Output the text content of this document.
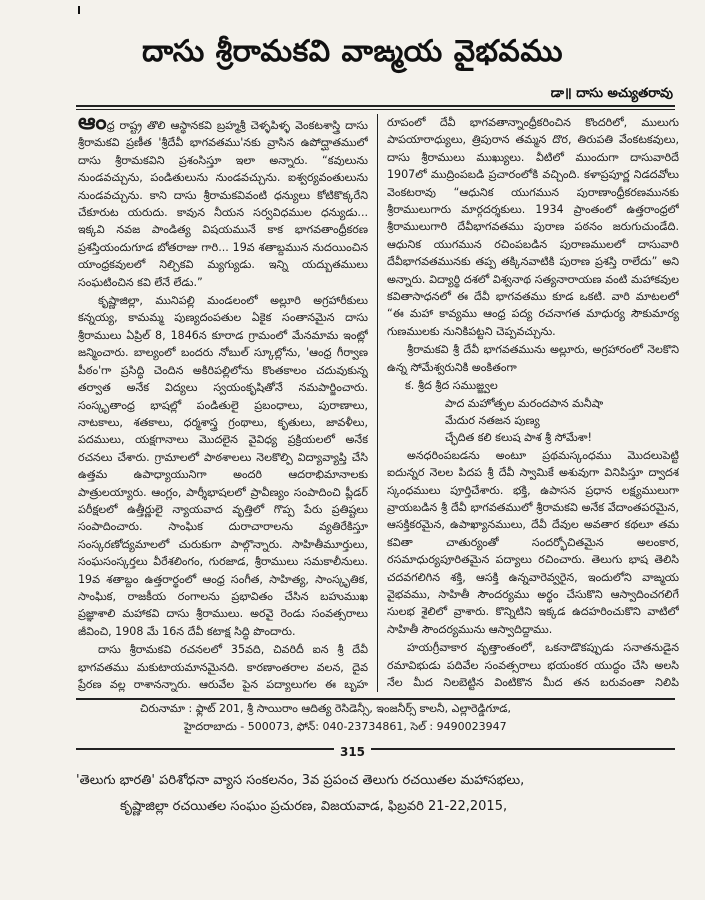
దాసు శ్రీరామకవి వాఙ్మయ వైభవము
డా॥ దాసు అచ్యుతరావు

ఆంధ్ర రాష్ట్ర తొలి ఆస్థానకవి బ్రహ్మశ్రీ చెళ్ళపిళ్ళ వెంకటశాస్త్రి దాసు శ్రీరామకవి ప్రణీత 'శ్రీదేవీ భాగవతము'నకు వ్రాసిన ఉపోద్ఘాతములో దాసు శ్రీరామకవిని ప్రశంసిస్తూ ఇలా అన్నారు. “కవులును నుండవచ్చును, పండితులును నుండవచ్చును. ఐశ్వర్యవంతులును నుండవచ్చును. కాని దాసు శ్రీరామకవివంటి ధన్యులు కోటికొక్కరేని చేకూరుట యరుదు. కావున నీయన సర్వవిధముల ధన్యుడు... ఇక్కవి నవజ పాండిత్య విషయమునే కాక భాగవతాంధ్రీకరణ ప్రశస్తియందుగూడ బోతరాజు గారి... 19వ శతాబ్దమున నుదయించిన యాంధ్రకవులలో నిల్చికవి మ్యగ్యుడు. ఇన్ని యద్బుతములు సంఘటించిన కవి లేనే లేడు.”

కృష్ణాజిల్లా, మునిపల్లి మండలంలో అల్లూరి అగ్రహారీకులు కన్నయ్య, కామమ్మ పుణ్యదంపతుల ఏకైక సంతానమైన దాసు శ్రీరాములు ఏప్రిల్ 8, 1846న కూరాడ గ్రామంలో మేనమామ ఇంట్లో జన్మించారు. బాల్యంలో బందరు నోబుల్ స్కూల్లోను, 'ఆంధ్ర గీర్వాణ పీఠం'గా ప్రసిద్ధి చెందిన అకిరిపల్లిలోను కొంతకాలం చదువుకున్న తర్వాత అనేక విద్యలు స్వయంకృషితోనే నమపార్జించారు. సంస్కృతాంధ్ర భాషల్లో పండితులై ప్రబంధాలు, పురాణాలు, నాటకాలు, శతకాలు, ధర్మశాస్త్ర గ్రంథాలు, కృతులు, జావళీలు, పదములు, యక్షగానాలు మొదలైన వైవిధ్య ప్రక్రియలలో అనేక రచనలు చేశారు. గ్రామాలలో పాఠశాలలు నెలకొల్పి విద్యావ్యాప్తి చేసి ఉత్తమ ఉపాధ్యాయునిగా అందరి ఆదరాభిమానాలకు పాత్రులయ్యారు. ఆంగ్లం, పార్శీభాషలలో ప్రావీణ్యం సంపాదించి ప్లీడర్ పరీక్షలలో ఉత్తీర్ణులై న్యాయవాద వృత్తిలో గొప్ప పేరు ప్రతిష్టలు సంపాదించారు. సాంఘిక దురాచారాలను వ్యతిరేకిస్తూ సంస్కరణోద్యమాలలో చురుకుగా పాల్గొన్నారు. సాహితీమూర్తులు, సంఘసంస్కర్తలు వీరేశలింగం, గురజాడ, శ్రీరాములు సమకాలీనులు. 19వ శతాబ్దం ఉత్తరార్థంలో ఆంధ్ర సంగీత, సాహిత్య, సాంస్కృతిక, సాంఘిక, రాజకీయ రంగాలను ప్రభావితం చేసిన బహుముఖ ప్రజ్ఞాశాలి మహాకవి దాసు శ్రీరాములు. అరవై రెండు సంవత్సరాలు జీవించి, 1908 మే 16న దేవీ కటాక్ష సిద్ధి పొందారు.

దాసు శ్రీరామకవి రచనలలో 35వది, చివరిదీ ఐన శ్రీ దేవీ భాగవతము మకుటాయమానమైనది. కారణాంతరాల వలన, దైవ ప్రేరణ వల్ల రాశానన్నారు. ఆరువేల పైన పద్యాలుగల ఈ బృహ

రూపంలో దేవీ భాగవతాన్నాంధ్రీకరించిన కొందరిలో, ములుగు పాపయారాధ్యులు, త్రిపురాన తమ్మన దొర, తిరుపతి వేంకటకవులు, దాసు శ్రీరాములు ముఖ్యులు. వీటిలో ముందుగా దాసువారిదే 1907లో ముద్రింపబడి ప్రచారంలోకి వచ్చింది. కళాప్రపూర్ణ నిడదవోలు వెంకటరావు “ఆధునిక యుగమున పురాణాంధ్రీకరణమునకు శ్రీరాములుగారు మార్గదర్శకులు. 1934 ప్రాంతంలో ఉత్తరాంధ్రలో శ్రీరాములుగారి దేవీభాగవతము పురాణ పఠనం జరుగుచుండేది. ఆధునిక యుగమున రచింపబడిన పురాణములలో దాసువారి దేవీభాగవతమునకు తప్ప తక్కినవాటికి పురాణ ప్రశస్తి రాలేదు” అని అన్నారు. విద్యార్థి దశలో విశ్వనాథ సత్యనారాయణ వంటి మహాకవుల కవితాసాధనలో ఈ దేవీ భాగవతము కూడ ఒకటి. వారి మాటలలో “ఈ మహా కావ్యము ఆంధ్ర పద్య రచనాగత మాధుర్య సౌకుమార్య గుణములకు నునికిపట్టని చెప్పవచ్చును.

శ్రీరామకవి శ్రీ దేవీ భాగవతమును అల్లూరు, అగ్రహారంలో నెలకొని ఉన్న సోమేశ్వరునికి అంకితంగా

క. శ్రీద శ్రీద సముజ్జ్వల
పాద మహోత్పల మరందపాన మనీషా
మేదుర నతజన పుణ్య
చ్ఛేదిత కలి కలుష పాశ శ్రీ సోమేశా!

అనధరింపబడను అంటూ ప్రథమస్కంధము మొదలుపెట్టి ఐదున్నర నెలల పిదప శ్రీ దేవీ స్వామికే అశువుగా వినిపిస్తూ ద్వాదశ స్కంధములు పూర్తిచేశారు. భక్తి, ఉపాసన ప్రధాన లక్ష్యములుగా వ్రాయబడిన శ్రీ దేవీ భాగవతములో శ్రీరామకవి అనేక వేదాంతపరమైన, ఆసక్తికరమైన, ఉపాఖ్యానములు, దేవీ దేవుల అవతార కథలూ తమ కవితా చాతుర్యంతో సందర్భోచితమైన అలంకార, రసమాధుర్యపూరితమైన పద్యాలు రచించారు. తెలుగు భాష తెలిసి చదవగలిగిన శక్తి, ఆసక్తి ఉన్నవారెవ్వరైన, ఇందులోని వాఙ్మయ వైభవము, సాహితీ సౌందర్యము అర్థం చేసుకొని ఆస్వాదించగలిగే సులభ శైలిలో వ్రాశారు. కొన్నిటిని ఇక్కడ ఉదహరించుకొని వాటిలో సాహితీ సౌందర్యమును ఆస్వాదిద్దాము.

హయగ్రీవాకార వృత్తాంతంలో, ఒకనాడొకప్పుడు సనాతనుడైన రమావిభుడు పదివేల సంవత్సరాలు భయంకర యుద్ధం చేసి అలసి నేల మీద నిలబెట్టిన వింటికొన మీద తన బరువంతా నిలిపి

చిరునామా : ఫ్లాట్ 201, శ్రీ సాయిరాం ఆదిత్య రెసిడెన్సీ, ఇంజనీర్స్ కాలనీ, ఎల్లారెడ్డిగూడ,
హైదరాబాదు - 500073, ఫోన్: 040-23734861, సెల్ : 9490023947
315
'తెలుగు భారతి' పరిశోధనా వ్యాస సంకలనం, 3వ ప్రపంచ తెలుగు రచయితల మహాసభలు,
కృష్ణాజిల్లా రచయితల సంఘం ప్రచురణ, విజయవాడ, ఫిబ్రవరి 21-22,2015,
